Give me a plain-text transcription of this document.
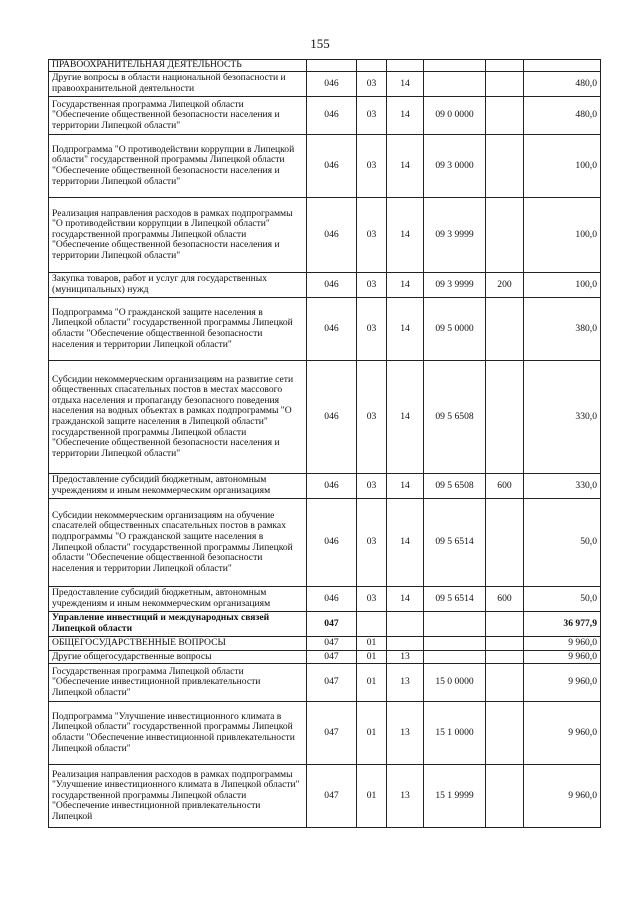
155
ПРАВООХРАНИТЕЛЬНАЯ ДЕЯТЕЛЬНОСТЬ						
Другие вопросы в области национальной безопасности и правоохранительной деятельности	046	03	14			480,0
Государственная программа Липецкой области "Обеспечение общественной безопасности населения и территории Липецкой области"	046	03	14	09 0 0000		480,0
Подпрограмма "О противодействии коррупции в Липецкой области" государственной программы Липецкой области "Обеспечение общественной безопасности населения и территории Липецкой области"	046	03	14	09 3 0000		100,0
Реализация направления расходов в рамках подпрограммы "О противодействии коррупции в Липецкой области" государственной программы Липецкой области "Обеспечение общественной безопасности населения и территории Липецкой области"	046	03	14	09 3 9999		100,0
Закупка товаров, работ и услуг для государственных (муниципальных) нужд	046	03	14	09 3 9999	200	100,0
Подпрограмма "О гражданской защите населения в Липецкой области" государственной программы Липецкой области "Обеспечение общественной безопасности населения и территории Липецкой области"	046	03	14	09 5 0000		380,0
Субсидии некоммерческим организациям на развитие сети общественных спасательных постов в местах массового отдыха населения и пропаганду безопасного поведения населения на водных объектах в рамках подпрограммы "О гражданской защите населения в Липецкой области" государственной программы Липецкой области "Обеспечение общественной безопасности населения и территории Липецкой области"	046	03	14	09 5 6508		330,0
Предоставление субсидий бюджетным, автономным учреждениям и иным некоммерческим организациям	046	03	14	09 5 6508	600	330,0
Субсидии некоммерческим организациям на обучение спасателей общественных спасательных постов в рамках подпрограммы "О гражданской защите населения в Липецкой области" государственной программы Липецкой области "Обеспечение общественной безопасности населения и территории Липецкой области"	046	03	14	09 5 6514		50,0
Предоставление субсидий бюджетным, автономным учреждениям и иным некоммерческим организациям	046	03	14	09 5 6514	600	50,0
Управление инвестиций и международных связей Липецкой области	047					36 977,9
ОБЩЕГОСУДАРСТВЕННЫЕ ВОПРОСЫ	047	01				9 960,0
Другие общегосударственные вопросы	047	01	13			9 960,0
Государственная программа Липецкой области "Обеспечение инвестиционной привлекательности Липецкой области"	047	01	13	15 0 0000		9 960,0
Подпрограмма "Улучшение инвестиционного климата в Липецкой области" государственной программы Липецкой области "Обеспечение инвестиционной привлекательности Липецкой области"	047	01	13	15 1 0000		9 960,0
Реализация направления расходов в рамках подпрограммы "Улучшение инвестиционного климата в Липецкой области" государственной программы Липецкой области "Обеспечение инвестиционной привлекательности Липецкой	047	01	13	15 1 9999		9 960,0
